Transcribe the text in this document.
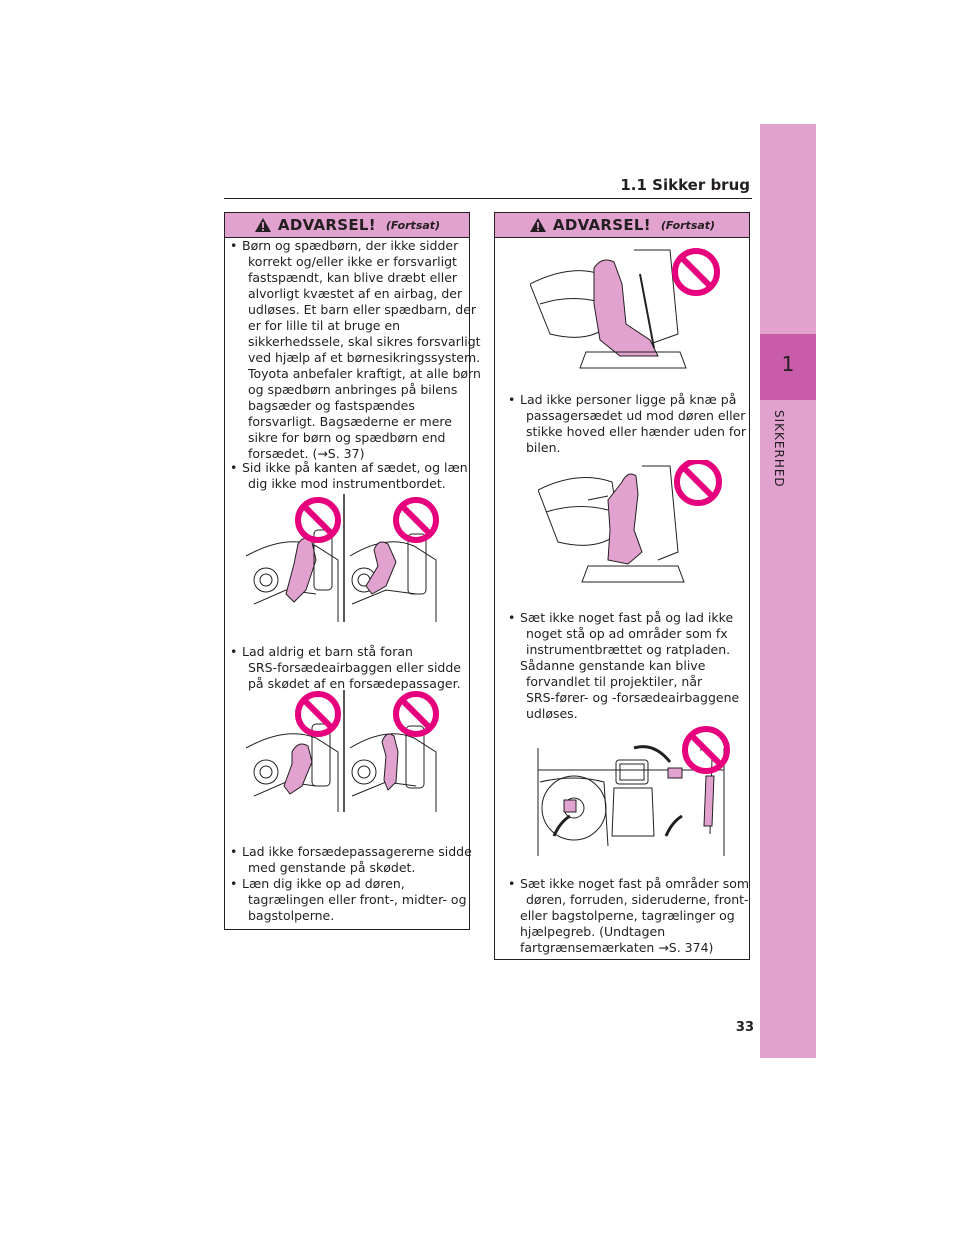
1
SIKKERHED
1.1 Sikker brug
ADVARSEL! (Fortsat)	ADVARSEL! (Fortsat)
• Børn og spædbørn, der ikke sidder
korrekt og/eller ikke er forsvarligt
fastspændt, kan blive dræbt eller
alvorligt kvæstet af en airbag, der
udløses. Et barn eller spædbarn, der
er for lille til at bruge en
sikkerhedssele, skal sikres forsvarligt
ved hjælp af et børnesikringssystem.
Toyota anbefaler kraftigt, at alle børn
og spædbørn anbringes på bilens
bagsæder og fastspændes
forsvarligt. Bagsæderne er mere
sikre for børn og spædbørn end
forsædet. (→S. 37)
• Sid ikke på kanten af sædet, og læn
dig ikke mod instrumentbordet.
• Lad aldrig et barn stå foran
SRS-forsædeairbaggen eller sidde
på skødet af en forsædepassager.
• Lad ikke forsædepassagererne sidde
med genstande på skødet.
• Læn dig ikke op ad døren,
tagrælingen eller front-, midter- og
bagstolperne.
• Lad ikke personer ligge på knæ på
passagersædet ud mod døren eller
stikke hoved eller hænder uden for
bilen.
• Sæt ikke noget fast på og lad ikke
noget stå op ad områder som fx
instrumentbrættet og ratpladen.
Sådanne genstande kan blive
forvandlet til projektiler, når
SRS-fører- og -forsædeairbaggene
udløses.
• Sæt ikke noget fast på områder som
døren, forruden, sideruderne, front-
eller bagstolperne, tagrælinger og
hjælpegreb. (Undtagen
fartgrænsemærkaten →S. 374)
33
